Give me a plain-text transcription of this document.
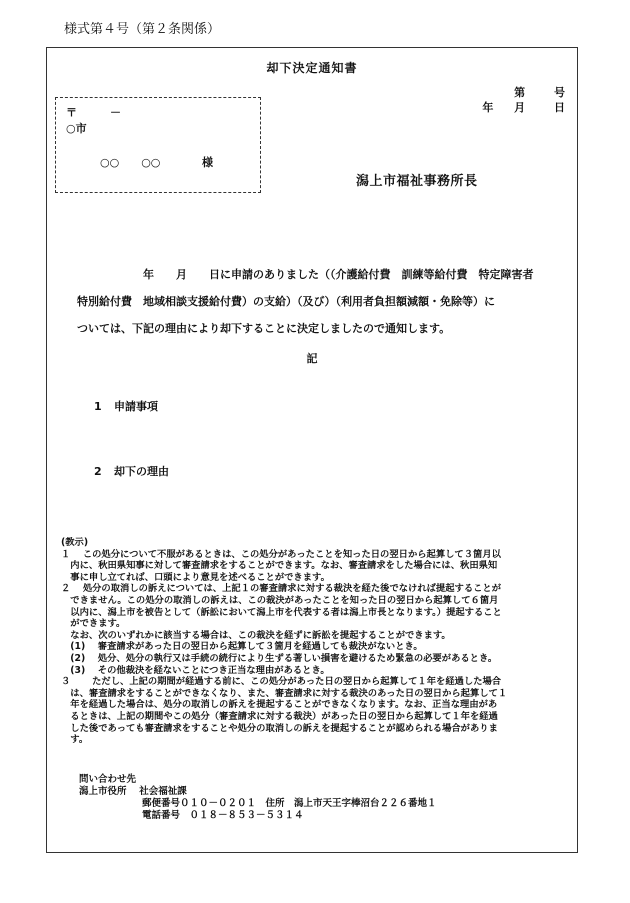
様式第４号（第２条関係）
却下決定通知書
第	号
年 月	日
〒　　　－
○市
○○　　○○	様
潟上市福祉事務所長

　　年　　月　　日に申請のありました（（介護給付費　訓練等給付費　特定障害者

特別給付費　地域相談支援給付費）の支給）（及び）（利用者負担額減額・免除等）に

ついては、下記の理由により却下することに決定しましたので通知します。

記
1 申請事項
2 却下の理由
(教示)
１　 この処分について不服があるときは、この処分があったことを知った日の翌日から起算して３箇月以
　内に、秋田県知事に対して審査請求をすることができます。なお、審査請求をした場合には、秋田県知
　事に申し立てれば、口頭により意見を述べることができます。
２　 処分の取消しの訴えについては、上記１の審査請求に対する裁決を経た後でなければ提起することが
　できません。この処分の取消しの訴えは、この裁決があったことを知った日の翌日から起算して６箇月
　以内に、潟上市を被告として（訴訟において潟上市を代表する者は潟上市長となります。）提起すること
　ができます。
　なお、次のいずれかに該当する場合は、この裁決を経ずに訴訟を提起することができます。
　(1)　 審査請求があった日の翌日から起算して３箇月を経過しても裁決がないとき。
　(2)　 処分、処分の執行又は手続の続行により生ずる著しい損害を避けるため緊急の必要があるとき。
　(3)　 その他裁決を経ないことにつき正当な理由があるとき。
３　　 ただし、上記の期間が経過する前に、この処分があった日の翌日から起算して１年を経過した場合
　は、審査請求をすることができなくなり、また、審査請求に対する裁決のあった日の翌日から起算して１
　年を経過した場合は、処分の取消しの訴えを提起することができなくなります。なお、正当な理由があ
　るときは、上記の期間やこの処分（審査請求に対する裁決）があった日の翌日から起算して１年を経過
　した後であっても審査請求をすることや処分の取消しの訴えを提起することが認められる場合がありま
　す。
問い合わせ先
潟上市役所　 社会福祉課
郵便番号０１０－０２０１　住所　潟上市天王字棒沼台２２６番地１
電話番号　０１８－８５３－５３１４
